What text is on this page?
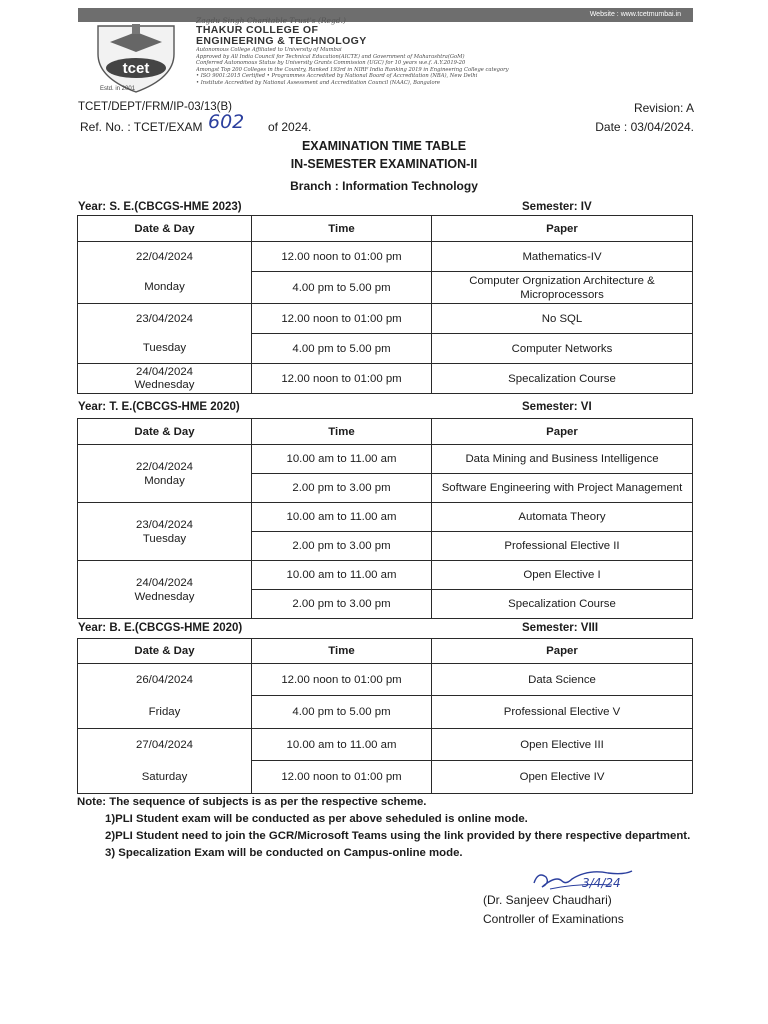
Website : www.tcetmumbai.in
tcet
Estd. in 2001
Zagdu Singh Charitable Trust's (Regd.)
THAKUR COLLEGE OF
ENGINEERING & TECHNOLOGY
Autonomous College Affiliated to University of Mumbai
Approved by All India Council for Technical Education(AICTE) and Government of Maharashtra(GoM)
Conferred Autonomous Status by University Grants Commission (UGC) for 10 years w.e.f. A.Y.2019-20
Amongst Top 200 Colleges in the Country, Ranked 193rd in NIRF India Ranking 2019 in Engineering College category
• ISO 9001:2015 Certified • Programmes Accredited by National Board of Accreditation (NBA), New Delhi
• Institute Accredited by National Assessment and Accreditation Council (NAAC), Bangalore
TCET/DEPT/FRM/IP-03/13(B)	Revision: A
Ref. No. : TCET/EXAM 602 of 2024.	Date : 03/04/2024.
EXAMINATION TIME TABLE
IN-SEMESTER EXAMINATION-II
Branch : Information Technology
Year: S. E.(CBCGS-HME 2023)	Semester: IV
Date & Day	Time	Paper
22/04/2024	12.00 noon to 01:00 pm	Mathematics-IV
Monday	4.00 pm to 5.00 pm	Computer Orgnization Architecture & Microprocessors
23/04/2024	12.00 noon to 01:00 pm	No SQL
Tuesday	4.00 pm to 5.00 pm	Computer Networks
24/04/2024
Wednesday	12.00 noon to 01:00 pm	Specalization Course
Year: T. E.(CBCGS-HME 2020)	Semester: VI
Date & Day	Time	Paper
22/04/2024
Monday	10.00 am to 11.00 am	Data Mining and Business Intelligence
	2.00 pm to 3.00 pm	Software Engineering with Project Management
23/04/2024
Tuesday	10.00 am to 11.00 am	Automata Theory
	2.00 pm to 3.00 pm	Professional Elective II
24/04/2024
Wednesday	10.00 am to 11.00 am	Open Elective I
	2.00 pm to 3.00 pm	Specalization Course
Year: B. E.(CBCGS-HME 2020)	Semester: VIII
Date & Day	Time	Paper
26/04/2024	12.00 noon to 01:00 pm	Data Science
Friday	4.00 pm to 5.00 pm	Professional Elective V
27/04/2024	10.00 am to 11.00 am	Open Elective III
Saturday	12.00 noon to 01:00 pm	Open Elective IV
Note: The sequence of subjects is as per the respective scheme.
1)PLI Student exam will be conducted as per above seheduled is online mode.
2)PLI Student need to join the GCR/Microsoft Teams using the link provided by there respective department.
3) Specalization Exam will be conducted on Campus-online mode.
3/4/24
(Dr. Sanjeev Chaudhari)
Controller of Examinations
